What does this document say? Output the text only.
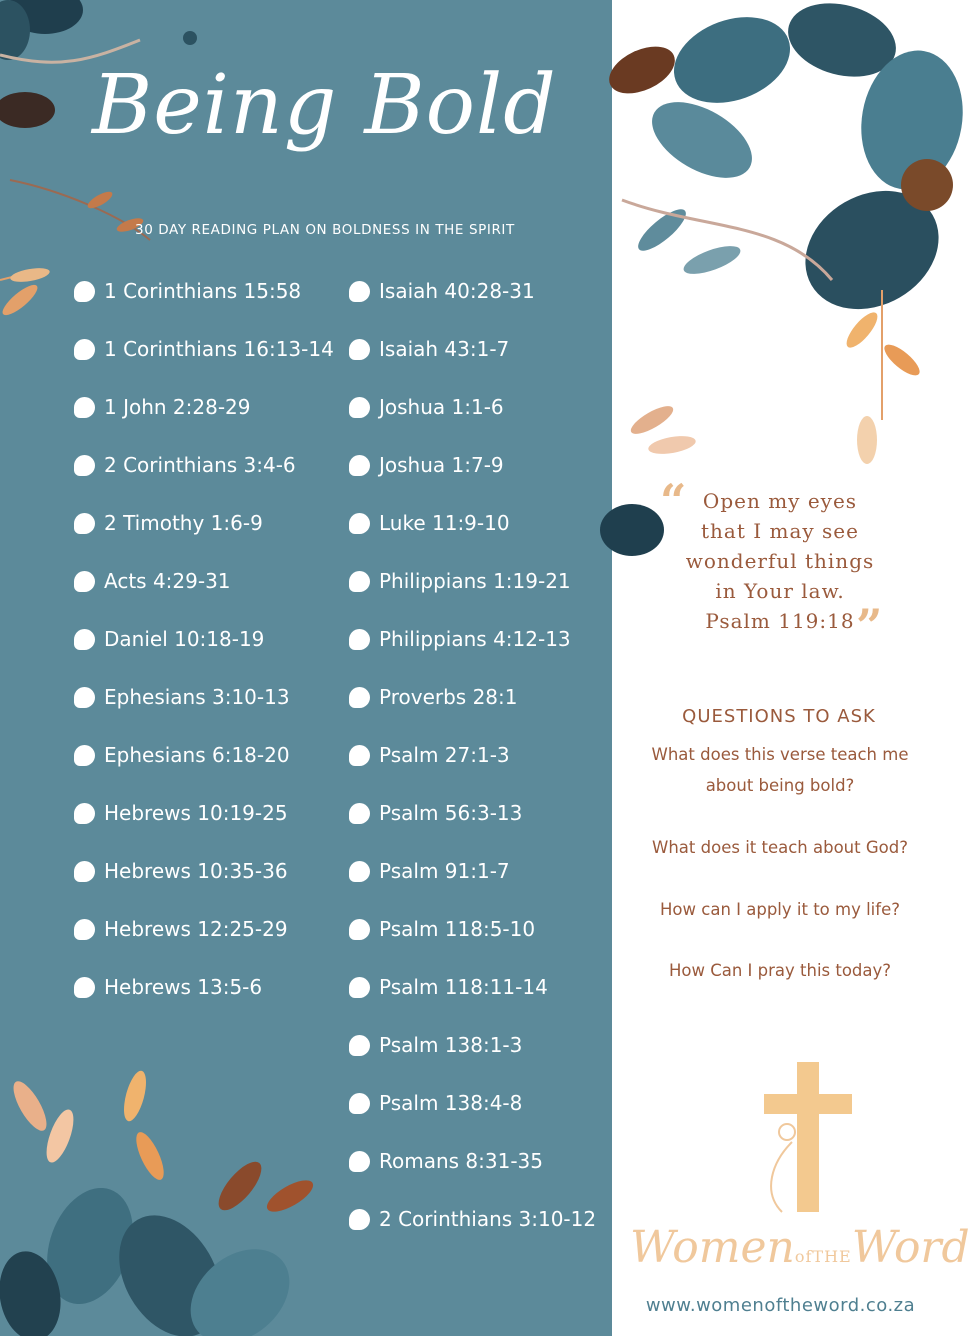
Being Bold
30 DAY READING PLAN ON BOLDNESS IN THE SPIRIT
1 Corinthians 15:58
1 Corinthians 16:13-14
1 John 2:28-29
2 Corinthians 3:4-6
2 Timothy 1:6-9
Acts 4:29-31
Daniel 10:18-19
Ephesians 3:10-13
Ephesians 6:18-20
Hebrews 10:19-25
Hebrews 10:35-36
Hebrews 12:25-29
Hebrews 13:5-6
Isaiah 40:28-31
Isaiah 43:1-7
Joshua 1:1-6
Joshua 1:7-9
Luke 11:9-10
Philippians 1:19-21
Philippians 4:12-13
Proverbs 28:1
Psalm 27:1-3
Psalm 56:3-13
Psalm 91:1-7
Psalm 118:5-10
Psalm 118:11-14
Psalm 138:1-3
Psalm 138:4-8
Romans 8:31-35
2 Corinthians 3:10-12
“ Open my eyes
that I may see
wonderful things
in Your law.
Psalm 119:18 ”
QUESTIONS TO ASK
What does this verse teach me
about being bold?
What does it teach about God?
How can I apply it to my life?
How Can I pray this today?
WomenofTHEWord
www.womenoftheword.co.za
